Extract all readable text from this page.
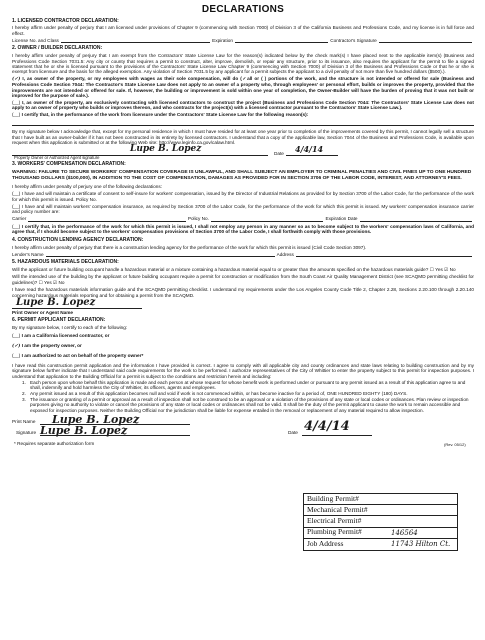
DECLARATIONS
1. LICENSED CONTRACTOR DECLARATION:
I hereby affirm under penalty of perjury that I am licensed under provisions of Chapter 9 (commencing with Section 7000) of Division 3 of the California Business and Professions Code, and my license is in full force and effect.
License No. and Class	Expiration	Contractor's Signature
2. OWNER / BUILDER DECLARATION:
I hereby affirm under penalty of perjury that I am exempt from the Contractors' State License Law for the reason(s) indicated below by the check mark(s) I have placed next to the applicable item(s) (Business and Professions Code Section 7031.5: Any city or county that requires a permit to construct, alter, improve, demolish, or repair any structure, prior to its issuance, also requires the applicant for the permit to file a signed statement that he or she is licensed pursuant to the provisions of the Contractors' State License Law Chapter 9 (commencing with Section 7000) of Division 3 of the Business and Professions Code or that he or she is exempt from licensure and the basis for the alleged exemption. Any violation of Section 7031.5 by any applicant for a permit subjects the applicant to a civil penalty of not more than five hundred dollars ($500).).
(✓) I, as owner of the property, or my employees with wages as their sole compensation, will do (✓all or ( ) portions of the work, and the structure is not intended or offered for sale (Business and Professions Code Section 7044: The Contractor's State License Law does not apply to an owner of a property who, through employees' or personal effort, builds or improves the property, provided that the improvements are not intended or offered for sale. If, however, the building or improvement is sold within one year of completion, the Owner-Builder will have the burden of proving that it was not built or improved for the purpose of sale.).
(__) I, as owner of the property, am exclusively contracting with licensed contractors to construct the project (Business and Professions Code Section 7044: The Contractors' State License Law does not apply to an owner of property who builds or improves thereon, and who contracts for the project(s) with a licensed contractor pursuant to the Contractors' State License Law.).
(__) I certify that, in the performance of the work from licensure under the Contractors' State License Law for the following reason(s):
By my signature below I acknowledge that, except for my personal residence in which I must have resided for at least one year prior to completion of the improvements covered by this permit, I cannot legally sell a structure that I have built as an owner-builder if it has not been constructed in its entirety by licensed contractors. I understand that a copy of the applicable law, Section 7044 of the Business and Professions Code, is available upon request when this application is submitted or at the following Web site: http://www.leginfo.ca.gov/calaw.html.
Lupe B. Lopez	4/4/14
Date
Property Owner or Authorized Agent signature
3. WORKERS' COMPENSATION DECLARATION:
WARNING: FAILURE TO SECURE WORKERS' COMPENSATION COVERAGE IS UNLAWFUL, AND SHALL SUBJECT AN EMPLOYER TO CRIMINAL PENALTIES AND CIVIL FINES UP TO ONE HUNDRED THOUSAND DOLLARS ($100,000), IN ADDITION TO THE COST OF COMPENSATION, DAMAGES AS PROVIDED FOR IN SECTION 3706 OF THE LABOR CODE, INTEREST, AND ATTORNEY'S FEES.
I hereby affirm under penalty of perjury one of the following declarations:
(__) I have and will maintain a certificate of consent to self-insure for workers' compensation, issued by the Director of Industrial Relations as provided for by Section 3700 of the Labor Code, for the performance of the work for which this permit is issued. Policy No.
(__) I have and will maintain workers' compensation insurance, as required by Section 3700 of the Labor Code, for the performance of the work for which this permit is issued. My workers' compensation insurance carrier and policy number are:
Carrier	Policy No.	Expiration Date
(__) I certify that, in the performance of the work for which this permit is issued, I shall not employ any person in any manner so as to become subject to the workers' compensation laws of California, and agree that, if I should become subject to the workers' compensation provisions of Section 3700 of the Labor Code, I shall forthwith comply with those provisions.
4. CONSTRUCTION LENDING AGENCY DECLARATION:
I hereby affirm under penalty of perjury that there is a construction lending agency for the performance of the work for which this permit is issued (Civil Code Section 3097).
Lender's Name	Address
5. HAZARDOUS MATERIALS DECLARATION:
Will the applicant or future building occupant handle a hazardous material or a mixture containing a hazardous material equal to or greater than the amounts specified on the hazardous materials guide? ☐ Yes ☑ No
Will the intended use of the building by the applicant or future building occupant require a permit for construction or modification from the South Coast Air Quality Management District (see SCAQMD permitting checklist for guidelines)? ☐ Yes ☑ No
I have read the hazardous materials information guide and the SCAQMD permitting checklist. I understand my requirements under the Los Angeles County Code Title 2, Chapter 2.28, Sections 2.20.100 through 2.20.140 concerning hazardous materials reporting and for obtaining a permit from the SCAQMD.
Lupe B. Lopez
Print Owner or Agent Name
6. PERMIT APPLICANT DECLARATION:
By my signature below, I certify to each of the following:
(__) I am a California licensed contractor, or
(✓) I am the property owner, or
(__) I am authorized to act on behalf of the property owner*
I have read this construction permit application and the information I have provided is correct. I agree to comply with all applicable city and county ordinances and state laws relating to building construction and by my signature below further indicate that I understand said code requirements for the work to be performed. I authorize representatives of the City of Whittier to enter the property subject to this permit for inspection purposes. I understand that application to the Building Official for a permit is subject to the conditions and restriction herein and including:
1. Each person upon whose behalf this application is made and each person at whose request for whose benefit work is performed under or pursuant to any permit issued as a result of this application agree to and shall, indemnify and hold harmless the City of Whittier, its officers, agents and employees.
2. Any permit issued as a result of this application becomes null and void if work is not commenced within, or has become inactive for a period of, ONE HUNDRED EIGHTY (180) DAYS.
3. The issuance or granting of a permit or approval as a result of inspection shall not be construed to be an approval or a violation of the provisions of any state or local codes or ordinances. Plan review or inspection purposes giving no authority to violate or cancel the provisions of any state or local codes or ordinances shall not be valid. It shall be the duty of the permit applicant to cause the work to remain accessible and exposed for inspection purposes. Neither the Building Official nor the jurisdiction shall be liable for expense entailed in the removal or replacement of any material required to allow inspection.
Print Name Lupe B. Lopez
Signature Lupe B. Lopez	Date 4/4/14
* Requires separate authorization form	(Rev. 05/12)
Building Permit#
Mechanical Permit#
Electrical Permit#
Plumbing Permit#	146564
Job Address	11743 Hilton Ct.
